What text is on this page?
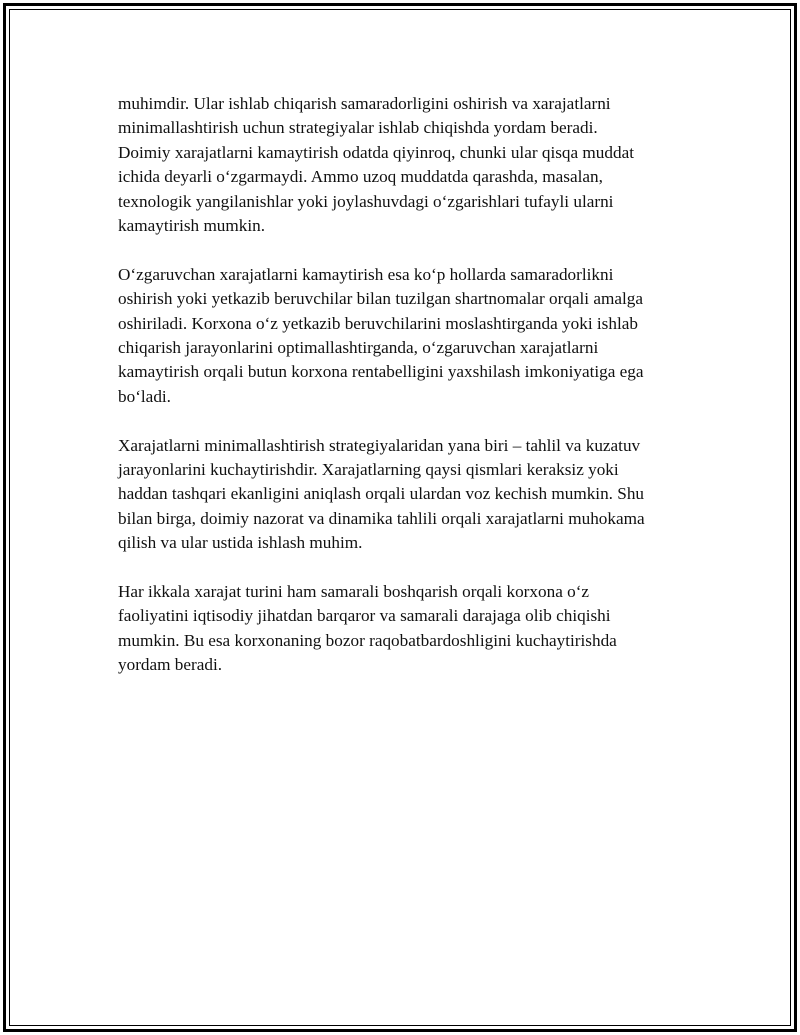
muhimdir. Ular ishlab chiqarish samaradorligini oshirish va xarajatlarni
minimallashtirish uchun strategiyalar ishlab chiqishda yordam beradi.
Doimiy xarajatlarni kamaytirish odatda qiyinroq, chunki ular qisqa muddat
ichida deyarli o‘zgarmaydi. Ammo uzoq muddatda qarashda, masalan,
texnologik yangilanishlar yoki joylashuvdagi o‘zgarishlari tufayli ularni
kamaytirish mumkin.

O‘zgaruvchan xarajatlarni kamaytirish esa ko‘p hollarda samaradorlikni
oshirish yoki yetkazib beruvchilar bilan tuzilgan shartnomalar orqali amalga
oshiriladi. Korxona o‘z yetkazib beruvchilarini moslashtirganda yoki ishlab
chiqarish jarayonlarini optimallashtirganda, o‘zgaruvchan xarajatlarni
kamaytirish orqali butun korxona rentabelligini yaxshilash imkoniyatiga ega
bo‘ladi.

Xarajatlarni minimallashtirish strategiyalaridan yana biri – tahlil va kuzatuv
jarayonlarini kuchaytirishdir. Xarajatlarning qaysi qismlari keraksiz yoki
haddan tashqari ekanligini aniqlash orqali ulardan voz kechish mumkin. Shu
bilan birga, doimiy nazorat va dinamika tahlili orqali xarajatlarni muhokama
qilish va ular ustida ishlash muhim.

Har ikkala xarajat turini ham samarali boshqarish orqali korxona o‘z
faoliyatini iqtisodiy jihatdan barqaror va samarali darajaga olib chiqishi
mumkin. Bu esa korxonaning bozor raqobatbardoshligini kuchaytirishda
yordam beradi.
